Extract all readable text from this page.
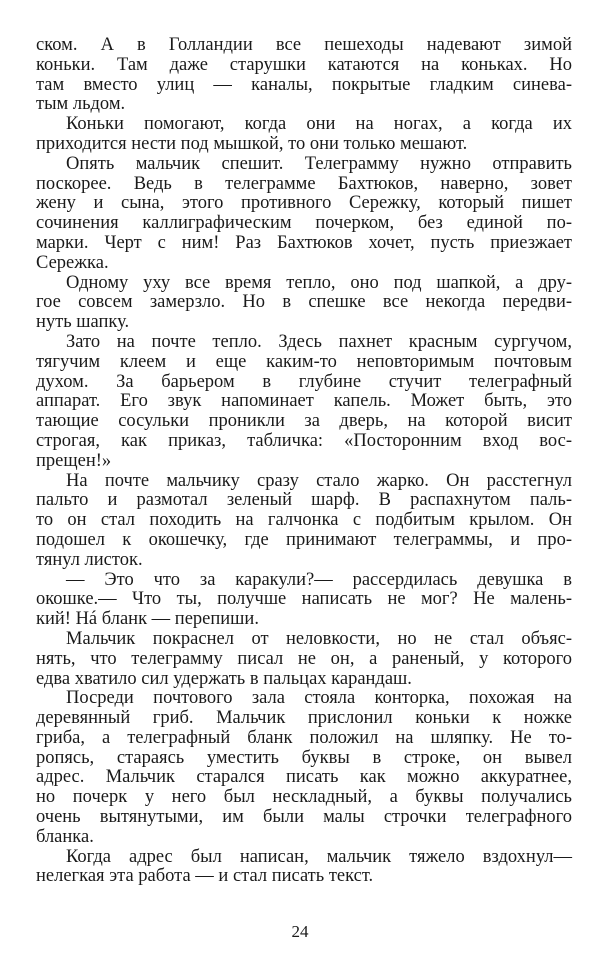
ском. А в Голландии все пешеходы надевают зимой
коньки. Там даже старушки катаются на коньках. Но
там вместо улиц — каналы, покрытые гладким синева-
тым льдом.
Коньки помогают, когда они на ногах, а когда их
приходится нести под мышкой, то они только мешают.
Опять мальчик спешит. Телеграмму нужно отправить
поскорее. Ведь в телеграмме Бахтюков, наверно, зовет
жену и сына, этого противного Сережку, который пишет
сочинения каллиграфическим почерком, без единой по-
марки. Черт с ним! Раз Бахтюков хочет, пусть приезжает
Сережка.
Одному уху все время тепло, оно под шапкой, а дру-
гое совсем замерзло. Но в спешке все некогда передви-
нуть шапку.
Зато на почте тепло. Здесь пахнет красным сургучом,
тягучим клеем и еще каким-то неповторимым почтовым
духом. За барьером в глубине стучит телеграфный
аппарат. Его звук напоминает капель. Может быть, это
тающие сосульки проникли за дверь, на которой висит
строгая, как приказ, табличка: «Посторонним вход вос-
прещен!»
На почте мальчику сразу стало жарко. Он расстегнул
пальто и размотал зеленый шарф. В распахнутом паль-
то он стал походить на галчонка с подбитым крылом. Он
подошел к окошечку, где принимают телеграммы, и про-
тянул листок.
— Это что за каракули?— рассердилась девушка в
окошке.— Что ты, получше написать не мог? Не малень-
кий! Нá бланк — перепиши.
Мальчик покраснел от неловкости, но не стал объяс-
нять, что телеграмму писал не он, а раненый, у которого
едва хватило сил удержать в пальцах карандаш.
Посреди почтового зала стояла конторка, похожая на
деревянный гриб. Мальчик прислонил коньки к ножке
гриба, а телеграфный бланк положил на шляпку. Не то-
ропясь, стараясь уместить буквы в строке, он вывел
адрес. Мальчик старался писать как можно аккуратнее,
но почерк у него был нескладный, а буквы получались
очень вытянутыми, им были малы строчки телеграфного
бланка.
Когда адрес был написан, мальчик тяжело вздохнул—
нелегкая эта работа — и стал писать текст.
24
